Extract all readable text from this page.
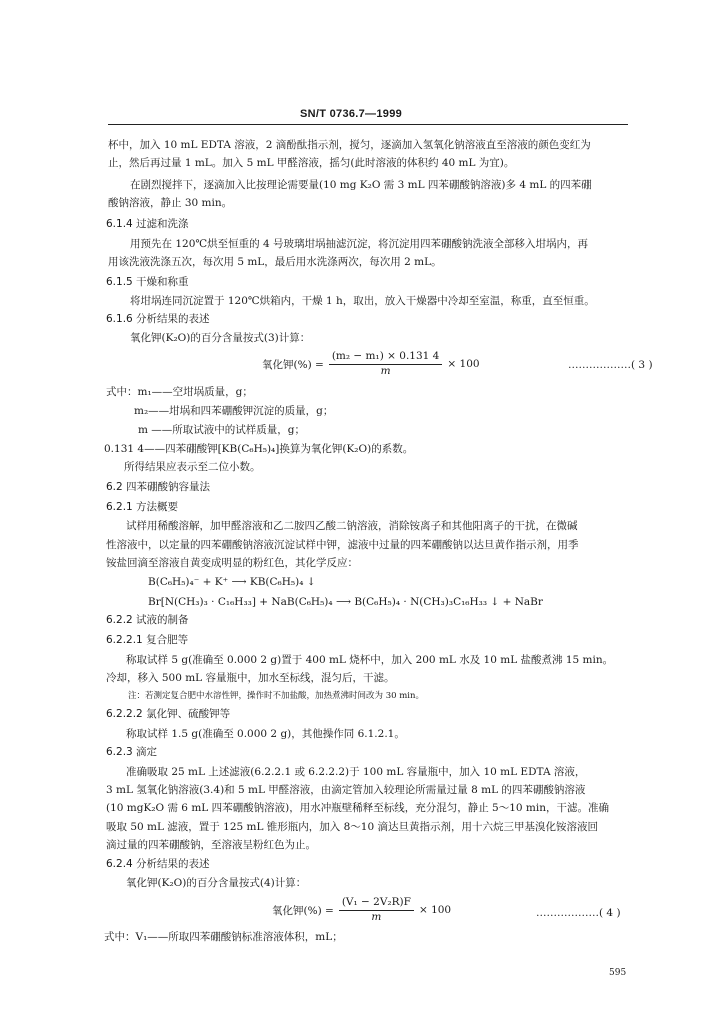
SN/T 0736.7—1999
杯中，加入 10 mL EDTA 溶液，2 滴酚酞指示剂，搅匀，逐滴加入氢氧化钠溶液直至溶液的颜色变红为
止，然后再过量 1 mL。加入 5 mL 甲醛溶液，摇匀(此时溶液的体积约 40 mL 为宜)。
在剧烈搅拌下，逐滴加入比按理论需要量(10 mg K₂O 需 3 mL 四苯硼酸钠溶液)多 4 mL 的四苯硼
酸钠溶液，静止 30 min。
6.1.4 过滤和洗涤
用预先在 120℃烘至恒重的 4 号玻璃坩埚抽滤沉淀，将沉淀用四苯硼酸钠洗液全部移入坩埚内，再
用该洗液洗涤五次，每次用 5 mL，最后用水洗涤两次，每次用 2 mL。
6.1.5 干燥和称重
将坩埚连同沉淀置于 120℃烘箱内，干燥 1 h，取出，放入干燥器中冷却至室温，称重，直至恒重。
6.1.6 分析结果的表述
氧化钾(K₂O)的百分含量按式(3)计算：
氧化钾(%) = $\frac{\text{(m₂ − m₁) × 0.131 4}}{m} \times 100$	………………( 3 )
式中：m₁——空坩埚质量，g；
m₂——坩埚和四苯硼酸钾沉淀的质量，g；
m ——所取试液中的试样质量，g；
0.131 4——四苯硼酸钾[KB(C₆H₅)₄]换算为氧化钾(K₂O)的系数。
所得结果应表示至二位小数。
6.2 四苯硼酸钠容量法
6.2.1 方法概要
试样用稀酸溶解，加甲醛溶液和乙二胺四乙酸二钠溶液，消除铵离子和其他阳离子的干扰，在微碱
性溶液中，以定量的四苯硼酸钠溶液沉淀试样中钾，滤液中过量的四苯硼酸钠以达旦黄作指示剂，用季
铵盐回滴至溶液自黄变成明显的粉红色，其化学反应：
B(C₆H₅)₄⁻ + K⁺ ⟶ KB(C₆H₅)₄ ↓
Br[N(CH₃)₃ · C₁₆H₃₃] + NaB(C₆H₅)₄ ⟶ B(C₆H₅)₄ · N(CH₃)₃C₁₆H₃₃ ↓ + NaBr
6.2.2 试液的制备
6.2.2.1 复合肥等
称取试样 5 g(准确至 0.000 2 g)置于 400 mL 烧杯中，加入 200 mL 水及 10 mL 盐酸煮沸 15 min。
冷却，移入 500 mL 容量瓶中，加水至标线，混匀后，干滤。
注：若测定复合肥中水溶性钾，操作时不加盐酸，加热煮沸时间改为 30 min。
6.2.2.2 氯化钾、硫酸钾等
称取试样 1.5 g(准确至 0.000 2 g)，其他操作同 6.1.2.1。
6.2.3 滴定
准确吸取 25 mL 上述滤液(6.2.2.1 或 6.2.2.2)于 100 mL 容量瓶中，加入 10 mL EDTA 溶液，
3 mL 氢氧化钠溶液(3.4)和 5 mL 甲醛溶液，由滴定管加入较理论所需量过量 8 mL 的四苯硼酸钠溶液
(10 mgK₂O 需 6 mL 四苯硼酸钠溶液)，用水冲瓶壁稀释至标线，充分混匀，静止 5～10 min，干滤。准确
吸取 50 mL 滤液，置于 125 mL 锥形瓶内，加入 8～10 滴达旦黄指示剂，用十六烷三甲基溴化铵溶液回
滴过量的四苯硼酸钠，至溶液呈粉红色为止。
6.2.4 分析结果的表述
氧化钾(K₂O)的百分含量按式(4)计算：
氧化钾(%) = $\frac{\text{(V₁ − 2V₂R)F}}{m} \times 100$	………………( 4 )
式中：V₁——所取四苯硼酸钠标准溶液体积，mL；
595
